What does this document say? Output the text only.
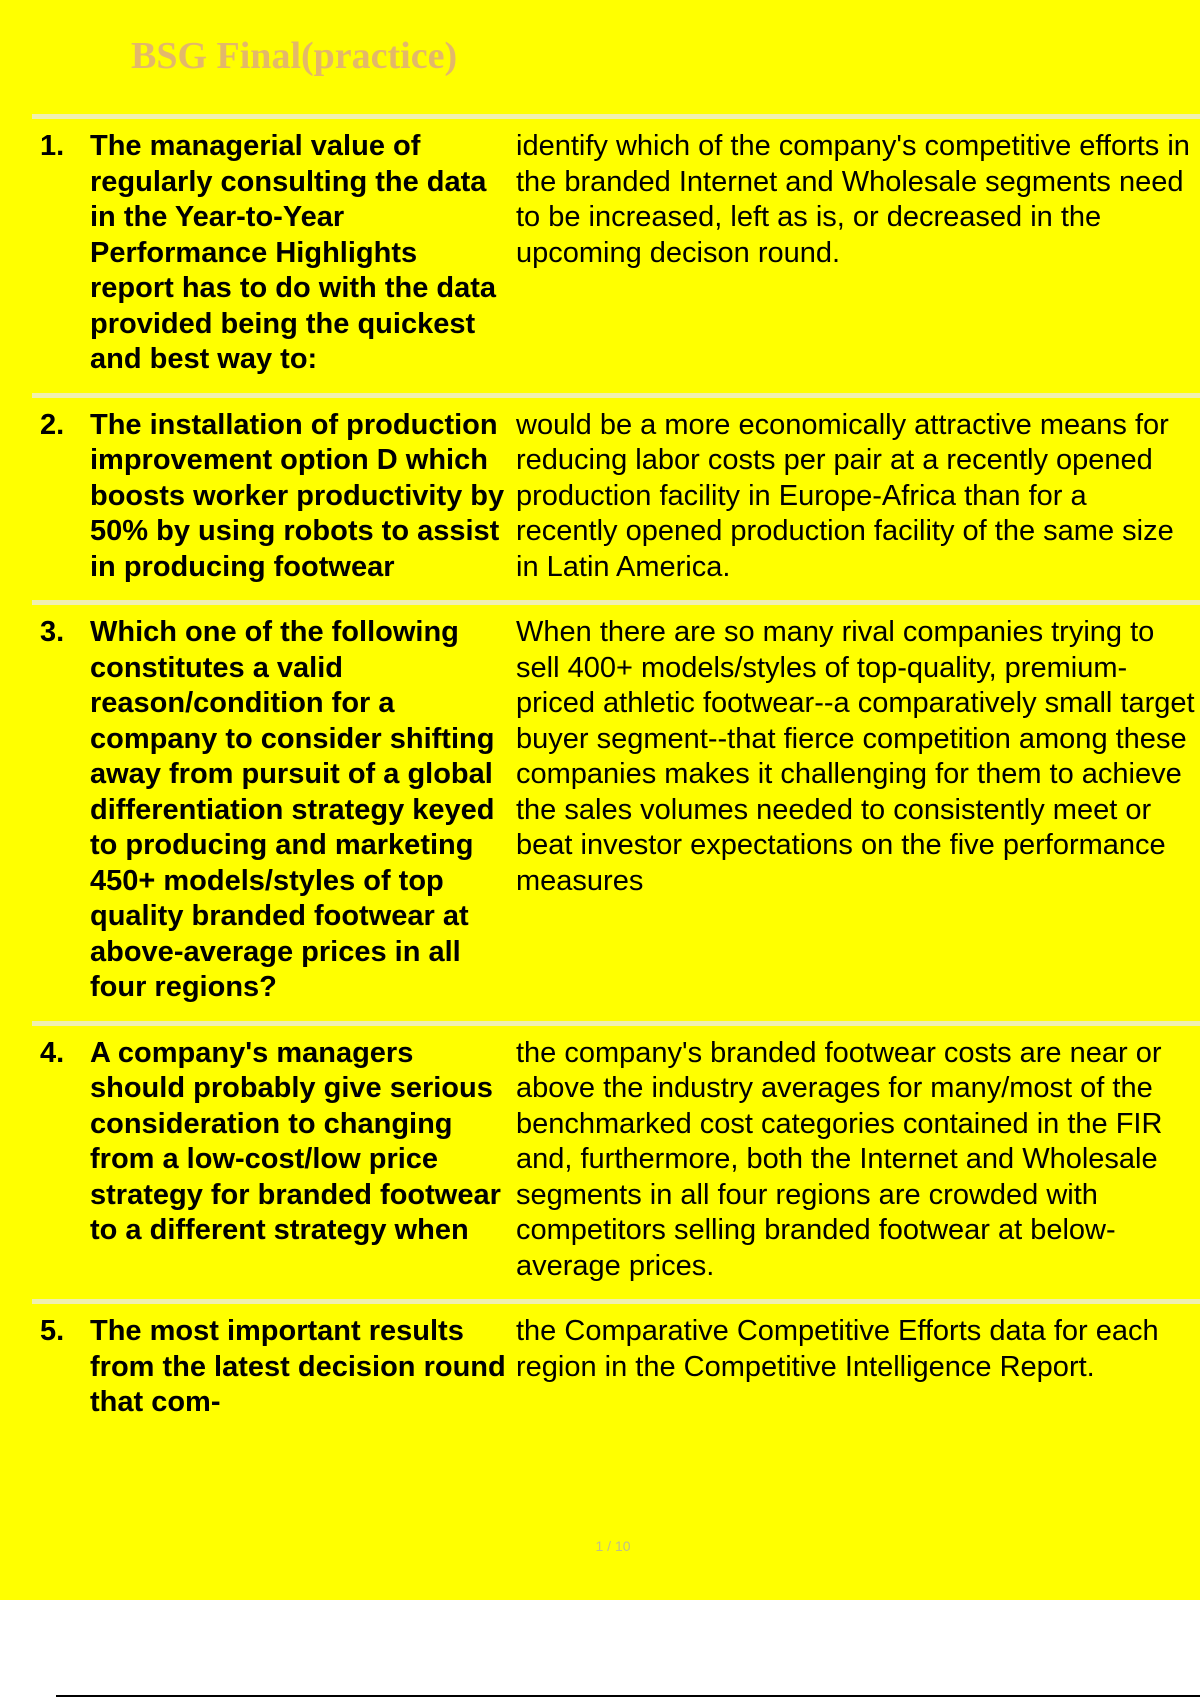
BSG Final(practice)
1. The managerial value of regularly consulting the data in the Year-to-Year Performance Highlights report has to do with the data provided being the quickest and best way to:
identify which of the company's competitive efforts in the branded Internet and Wholesale segments need to be increased, left as is, or decreased in the upcoming decison round.
2. The installation of production improvement option D which boosts worker productivity by 50% by using robots to assist in producing footwear
would be a more economically attractive means for reducing labor costs per pair at a recently opened production facility in Europe-Africa than for a recently opened production facility of the same size in Latin America.
3. Which one of the following constitutes a valid reason/condition for a company to consider shifting away from pursuit of a global differentiation strategy keyed to producing and marketing 450+ models/styles of top quality branded footwear at above-average prices in all four regions?
When there are so many rival companies trying to sell 400+ models/styles of top-quality, premium-priced athletic footwear--a comparatively small target buyer segment--that fierce competition among these companies makes it challenging for them to achieve the sales volumes needed to consistently meet or beat investor expectations on the five performance measures
4. A company's managers should probably give serious consideration to changing from a low-cost/low price strategy for branded footwear to a different strategy when
the company's branded footwear costs are near or above the industry averages for many/most of the benchmarked cost categories contained in the FIR and, furthermore, both the Internet and Wholesale segments in all four regions are crowded with competitors selling branded footwear at below-average prices.
5. The most important results from the latest decision round that com-
the Comparative Competitive Efforts data for each region in the Competitive Intelligence Report.
1 / 10
